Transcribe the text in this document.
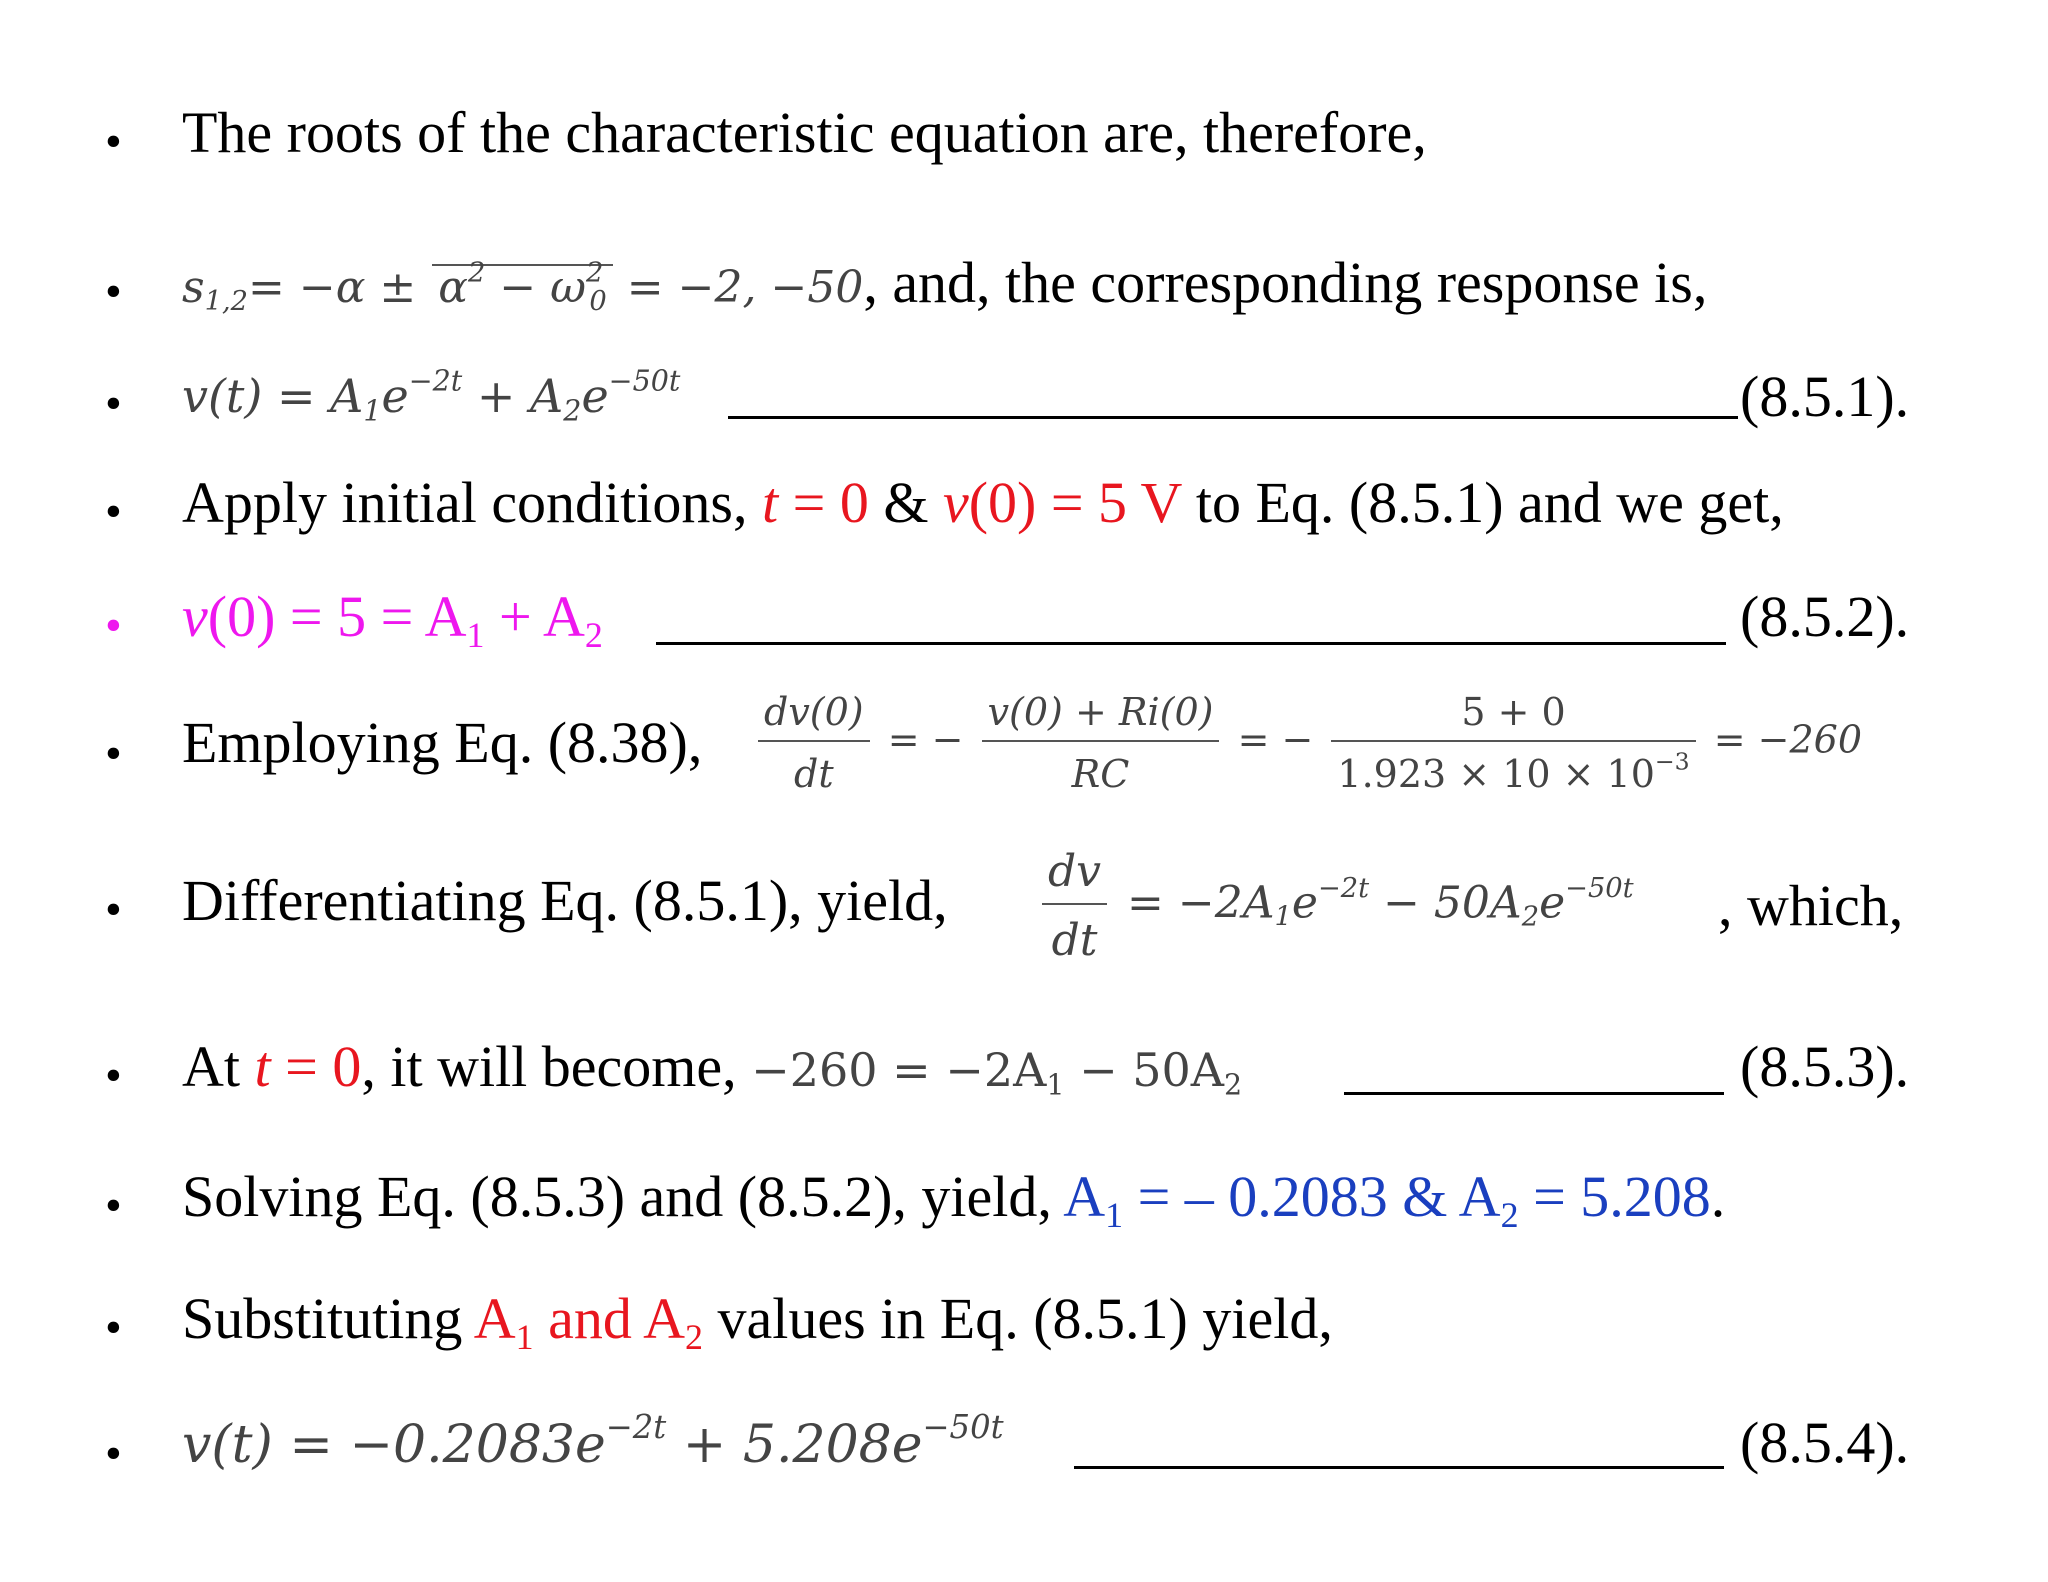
• The roots of the characteristic equation are, therefore,
• $s_{1,2}= -\alpha \pm \alpha^2 - \omega^2_0 = -2$, −50, and, the corresponding response is,
• $v(t) = A_1e^{-2t} + A_2e^{-50t}$	(8.5.1).
• Apply initial conditions, t = 0 & v(0) = 5 V to Eq. (8.5.1) and we get,
• $v(0) = 5 = A_1 + A_2$	(8.5.2).
• Employing Eq. (8.38), $\frac{dv(0)}{dt}$ = − $\frac{v(0) + Ri(0)}{RC}$ = − $\frac{5 + 0}{1.923 \times 10 \times 10^{-3}} = -260$
• Differentiating Eq. (8.5.1), yield, $\frac{dv}{dt} = -2A_1e^{-2t} - 50A_2e^{-50t}$ , which,
• At t = 0, it will become, $-260 = -2A_1 - 50A_2$	(8.5.3).
• Solving Eq. (8.5.3) and (8.5.2), yield, $A_1$ = – 0.2083 & $A_2 = 5.208$.
• Substituting $A_1$ and $A_2$ values in Eq. (8.5.1) yield,
• $v(t) = -0.2083e^{-2t} + 5.208e^{-50t}$	(8.5.4).
